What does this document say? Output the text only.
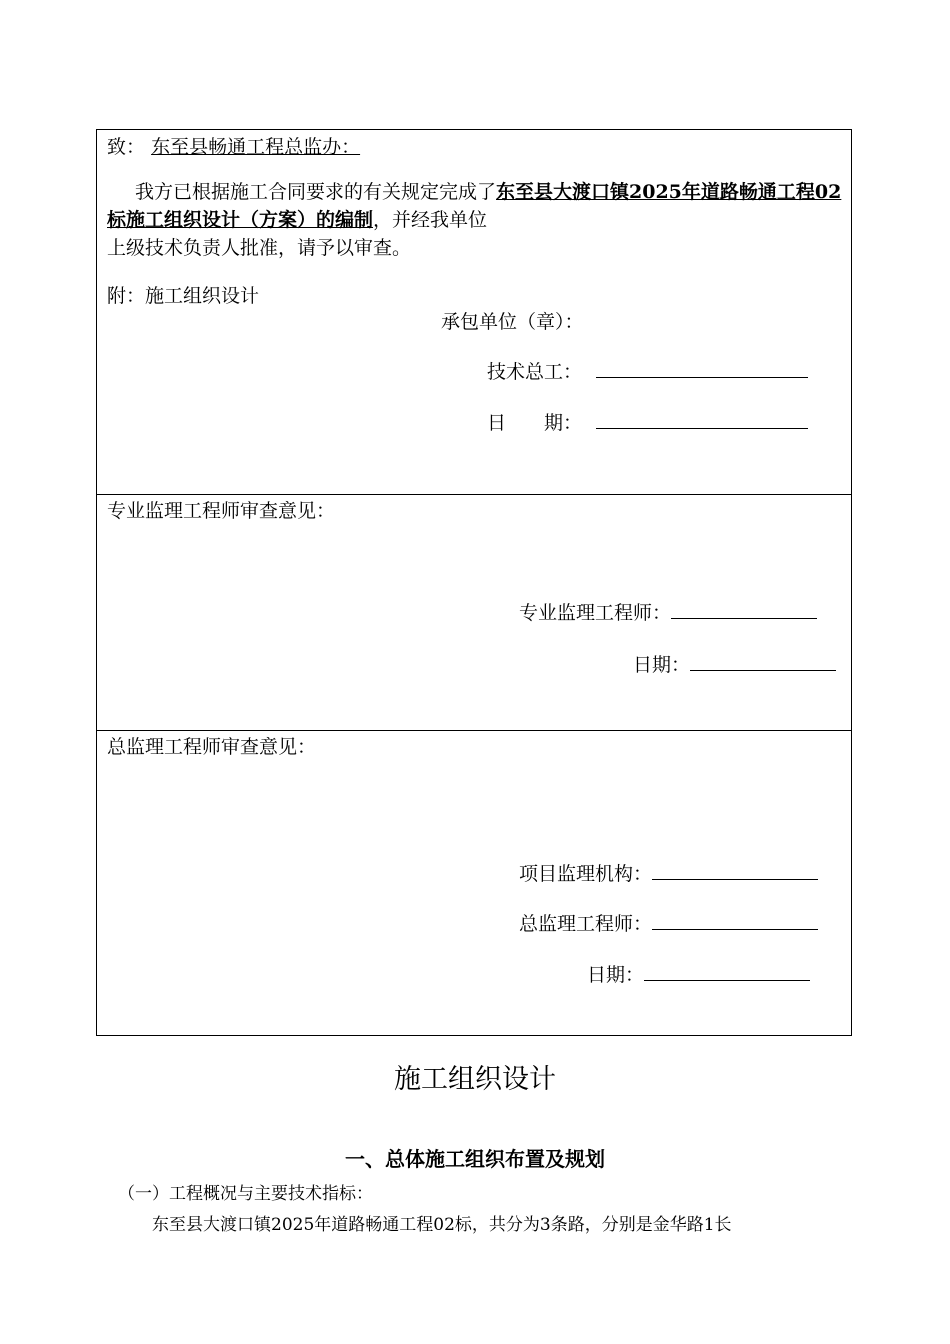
致： 东至县畅通工程总监办：
我方已根据施工合同要求的有关规定完成了东至县大渡口镇2025年道路畅通工程02标施工组织设计（方案）的编制，并经我单位
上级技术负责人批准，请予以审查。
附：施工组织设计
承包单位（章）：
技术总工：
日　　期：
专业监理工程师审查意见：
专业监理工程师：
日期：
总监理工程师审查意见：
项目监理机构：
总监理工程师：
日期：
施工组织设计
一、总体施工组织布置及规划
（一）工程概况与主要技术指标：
东至县大渡口镇2025年道路畅通工程02标，共分为3条路，分别是金华路1长
